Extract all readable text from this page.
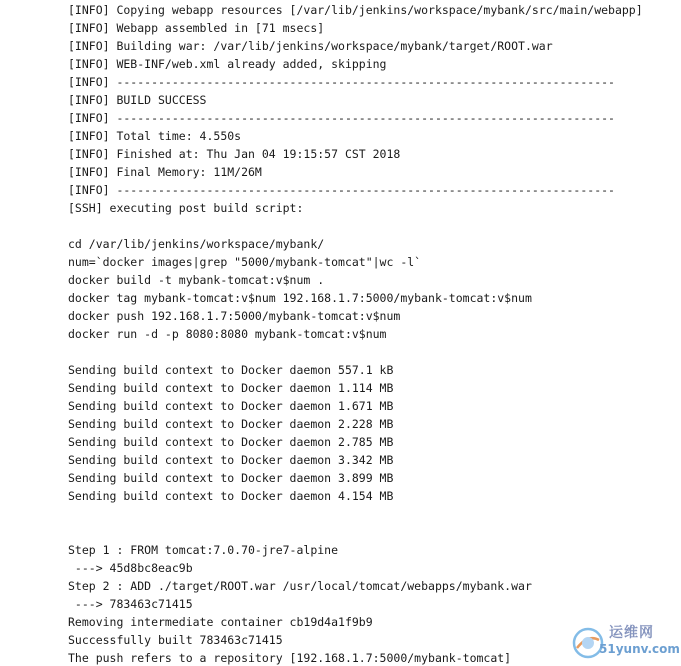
[INFO] Copying webapp resources [/var/lib/jenkins/workspace/mybank/src/main/webapp]
[INFO] Webapp assembled in [71 msecs]
[INFO] Building war: /var/lib/jenkins/workspace/mybank/target/ROOT.war
[INFO] WEB-INF/web.xml already added, skipping
[INFO] ------------------------------------------------------------------------
[INFO] BUILD SUCCESS
[INFO] ------------------------------------------------------------------------
[INFO] Total time: 4.550s
[INFO] Finished at: Thu Jan 04 19:15:57 CST 2018
[INFO] Final Memory: 11M/26M
[INFO] ------------------------------------------------------------------------
[SSH] executing post build script:
cd /var/lib/jenkins/workspace/mybank/
num=`docker images|grep "5000/mybank-tomcat"|wc -l`
docker build -t mybank-tomcat:v$num .
docker tag mybank-tomcat:v$num 192.168.1.7:5000/mybank-tomcat:v$num
docker push 192.168.1.7:5000/mybank-tomcat:v$num
docker run -d -p 8080:8080 mybank-tomcat:v$num
Sending build context to Docker daemon 557.1 kB
Sending build context to Docker daemon 1.114 MB
Sending build context to Docker daemon 1.671 MB
Sending build context to Docker daemon 2.228 MB
Sending build context to Docker daemon 2.785 MB
Sending build context to Docker daemon 3.342 MB
Sending build context to Docker daemon 3.899 MB
Sending build context to Docker daemon 4.154 MB
Step 1 : FROM tomcat:7.0.70-jre7-alpine
---> 45d8bc8eac9b
Step 2 : ADD ./target/ROOT.war /usr/local/tomcat/webapps/mybank.war
---> 783463c71415
Removing intermediate container cb19d4a1f9b9
Successfully built 783463c71415
The push refers to a repository [192.168.1.7:5000/mybank-tomcat]
运维网
51yunv.com
